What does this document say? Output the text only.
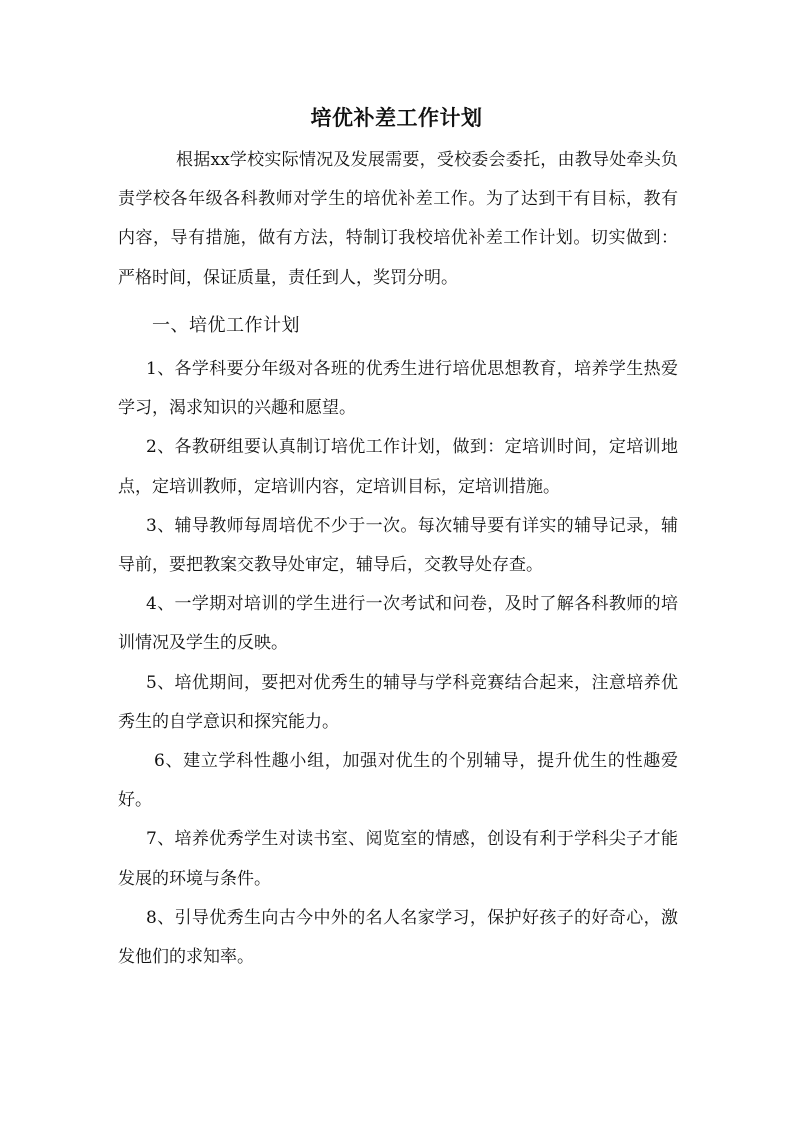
培优补差工作计划
根据xx学校实际情况及发展需要，受校委会委托，由教导处牵头负责学校各年级各科教师对学生的培优补差工作。为了达到干有目标，教有内容，导有措施，做有方法，特制订我校培优补差工作计划。切实做到：严格时间，保证质量，责任到人，奖罚分明。
一、培优工作计划

1、各学科要分年级对各班的优秀生进行培优思想教育，培养学生热爱学习，渴求知识的兴趣和愿望。

2、各教研组要认真制订培优工作计划，做到：定培训时间，定培训地点，定培训教师，定培训内容，定培训目标，定培训措施。

3、辅导教师每周培优不少于一次。每次辅导要有详实的辅导记录，辅导前，要把教案交教导处审定，辅导后，交教导处存查。

4、一学期对培训的学生进行一次考试和问卷，及时了解各科教师的培训情况及学生的反映。

5、培优期间，要把对优秀生的辅导与学科竞赛结合起来，注意培养优秀生的自学意识和探究能力。

6、建立学科性趣小组，加强对优生的个别辅导，提升优生的性趣爱好。

7、培养优秀学生对读书室、阅览室的情感，创设有利于学科尖子才能发展的环境与条件。

8、引导优秀生向古今中外的名人名家学习，保护好孩子的好奇心，激发他们的求知率。
